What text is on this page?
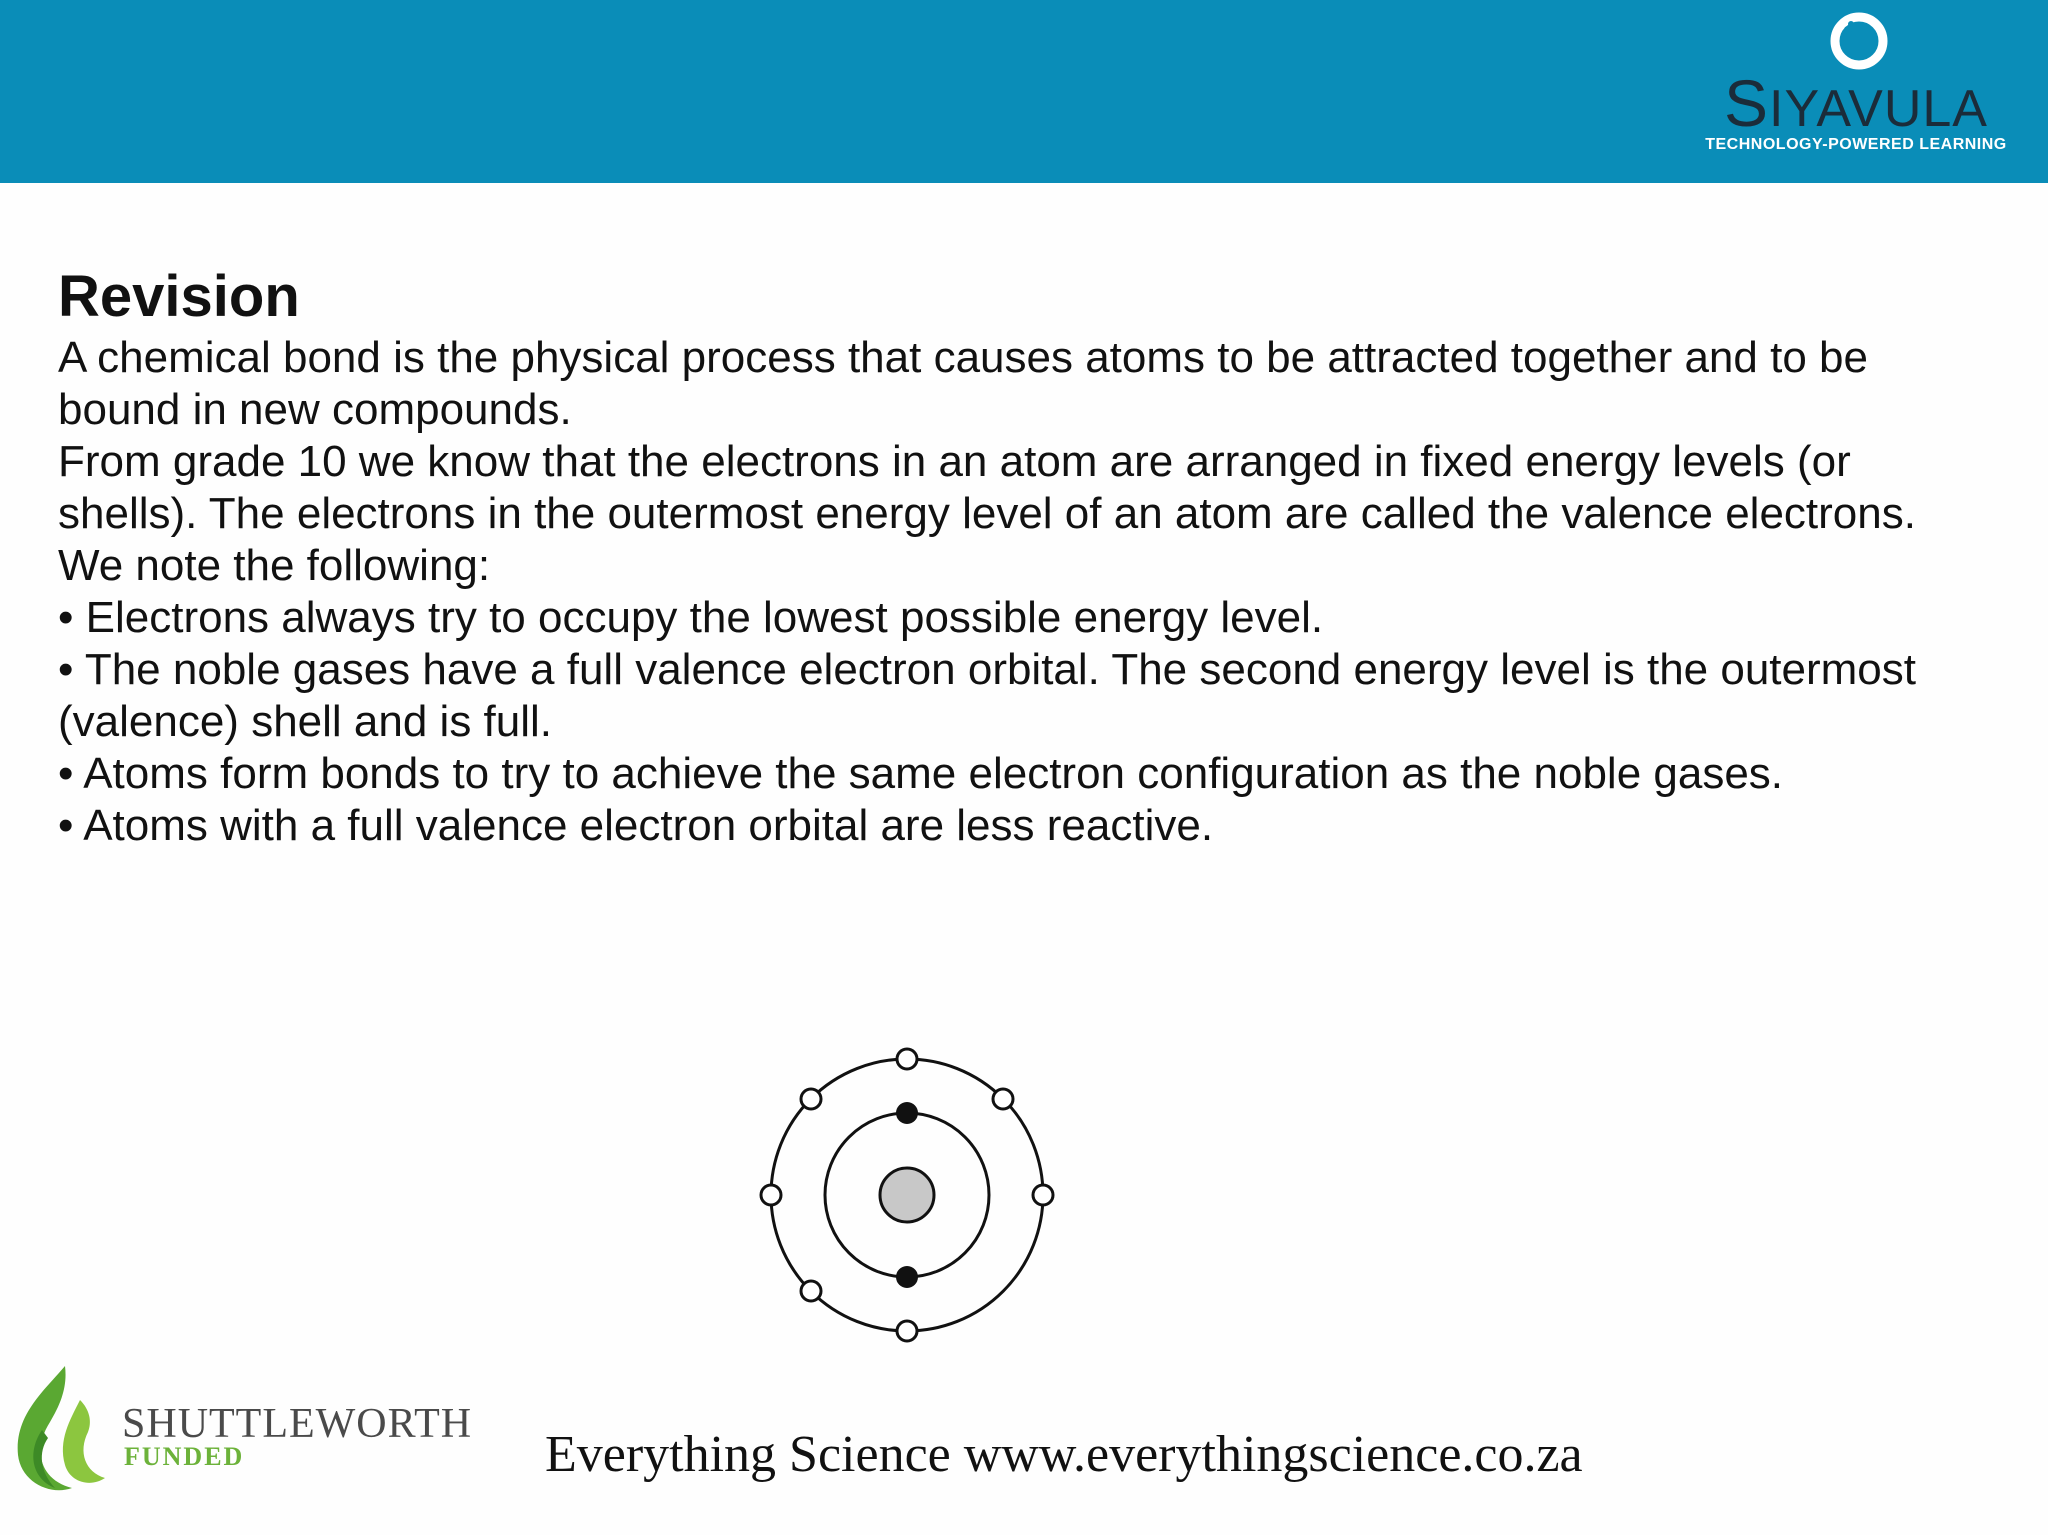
SIYAVULA
TECHNOLOGY-POWERED LEARNING
Revision

A chemical bond is the physical process that causes atoms to be attracted together and to be bound in new compounds.

From grade 10 we know that the electrons in an atom are arranged in fixed energy levels (or shells). The electrons in the outermost energy level of an atom are called the valence electrons.

We note the following:

• Electrons always try to occupy the lowest possible energy level.

• The noble gases have a full valence electron orbital. The second energy level is the outermost (valence) shell and is full.

• Atoms form bonds to try to achieve the same electron configuration as the noble gases.

• Atoms with a full valence electron orbital are less reactive.

SHUTTLEWORTH
FUNDED	Everything Science www.everythingscience.co.za
